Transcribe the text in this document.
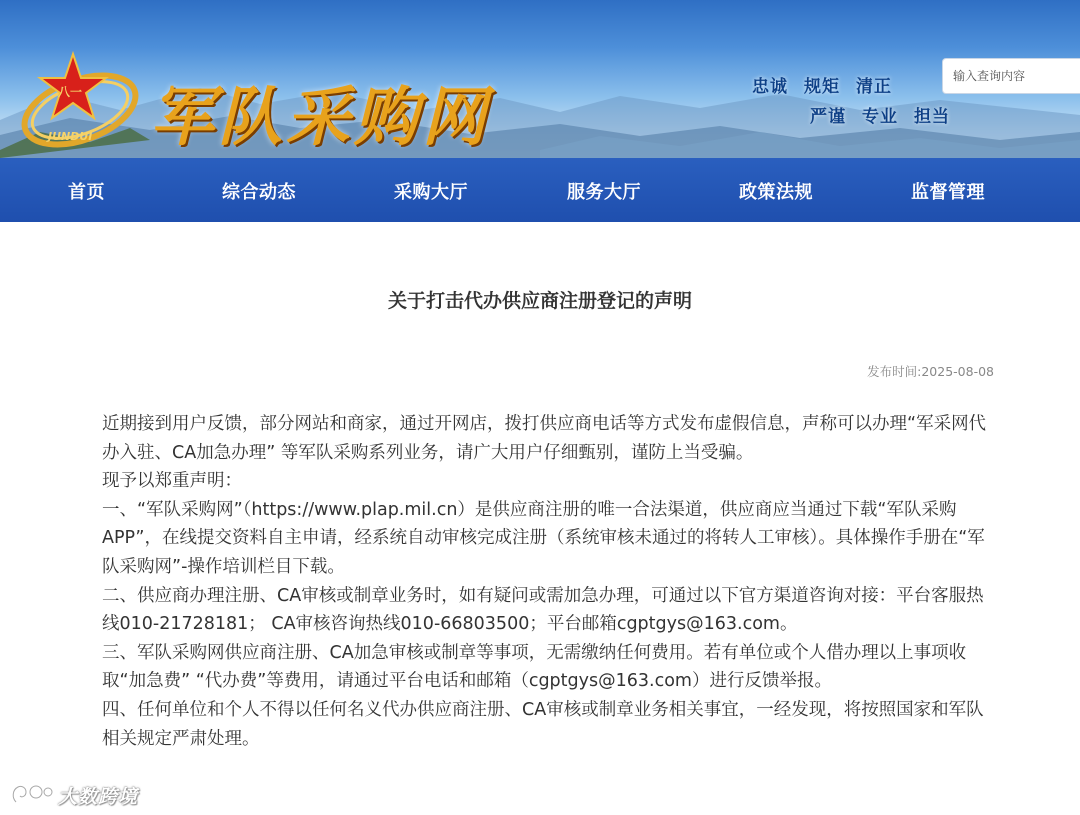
八一
JUNDUI 军队采购网	忠诚 规矩 清正
严谨 专业 担当
输入查询内容
首页	综合动态	采购大厅	服务大厅	政策法规	监督管理
关于打击代办供应商注册登记的声明
发布时间:2025-08-08

近期接到用户反馈，部分网站和商家，通过开网店，拨打供应商电话等方式发布虚假信息，声称可以办理“军采网代办入驻、CA加急办理” 等军队采购系列业务，请广大用户仔细甄别，谨防上当受骗。

现予以郑重声明：

一、“军队采购网”（https://www.plap.mil.cn）是供应商注册的唯一合法渠道，供应商应当通过下载“军队采购APP”，在线提交资料自主申请，经系统自动审核完成注册（系统审核未通过的将转人工审核）。具体操作手册在“军队采购网”-操作培训栏目下载。

二、供应商办理注册、CA审核或制章业务时，如有疑问或需加急办理，可通过以下官方渠道咨询对接：平台客服热线010-21728181； CA审核咨询热线010-66803500；平台邮箱cgptgys@163.com。

三、军队采购网供应商注册、CA加急审核或制章等事项，无需缴纳任何费用。若有单位或个人借办理以上事项收取“加急费” “代办费”等费用，请通过平台电话和邮箱（cgptgys@163.com）进行反馈举报。

四、任何单位和个人不得以任何名义代办供应商注册、CA审核或制章业务相关事宜，一经发现，将按照国家和军队相关规定严肃处理。

大数跨境
